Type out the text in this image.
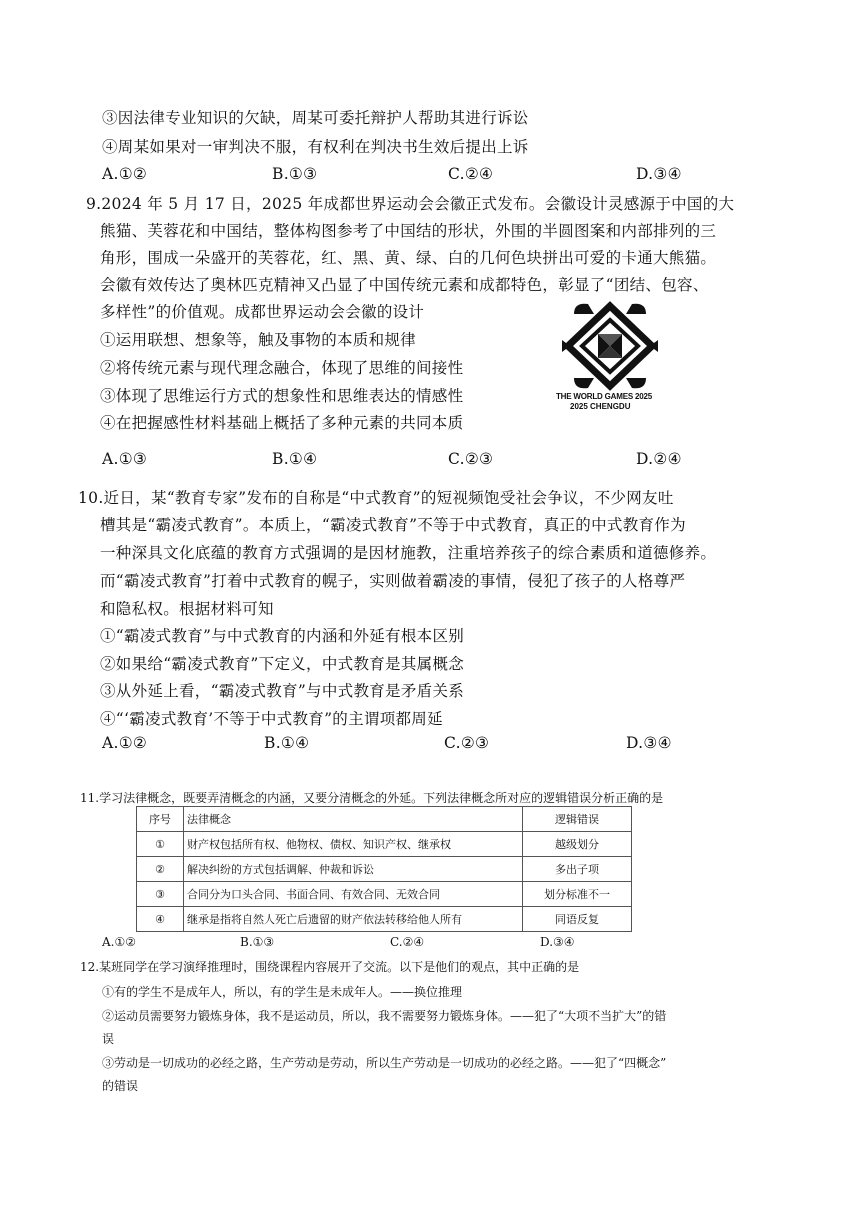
③因法律专业知识的欠缺，周某可委托辩护人帮助其进行诉讼
④周某如果对一审判决不服，有权利在判决书生效后提出上诉
A.①②	B.①③	C.②④	D.③④
9.2024 年 5 月 17 日，2025 年成都世界运动会会徽正式发布。会徽设计灵感源于中国的大
熊猫、芙蓉花和中国结，整体构图参考了中国结的形状，外围的半圆图案和内部排列的三
角形，围成一朵盛开的芙蓉花，红、黑、黄、绿、白的几何色块拼出可爱的卡通大熊猫。
会徽有效传达了奥林匹克精神又凸显了中国传统元素和成都特色，彰显了“团结、包容、
多样性”的价值观。成都世界运动会会徽的设计
①运用联想、想象等，触及事物的本质和规律
②将传统元素与现代理念融合，体现了思维的间接性
③体现了思维运行方式的想象性和思维表达的情感性
④在把握感性材料基础上概括了多种元素的共同本质
THE WORLD GAMES 2025
2025 CHENGDU
A.①③	B.①④	C.②③	D.②④
10.近日，某“教育专家”发布的自称是“中式教育”的短视频饱受社会争议，不少网友吐
槽其是“霸凌式教育”。本质上，“霸凌式教育”不等于中式教育，真正的中式教育作为
一种深具文化底蕴的教育方式强调的是因材施教，注重培养孩子的综合素质和道德修养。
而“霸凌式教育”打着中式教育的幌子，实则做着霸凌的事情，侵犯了孩子的人格尊严
和隐私权。根据材料可知
①“霸凌式教育”与中式教育的内涵和外延有根本区别
②如果给“霸凌式教育”下定义，中式教育是其属概念
③从外延上看，“霸凌式教育”与中式教育是矛盾关系
④“‘霸凌式教育’不等于中式教育”的主谓项都周延
A.①②	B.①④	C.②③	D.③④
11.学习法律概念，既要弄清概念的内涵，又要分清概念的外延。下列法律概念所对应的逻辑错误分析正确的是
序号	法律概念	逻辑错误
①	财产权包括所有权、他物权、债权、知识产权、继承权	越级划分
②	解决纠纷的方式包括调解、仲裁和诉讼	多出子项
③	合同分为口头合同、书面合同、有效合同、无效合同	划分标准不一
④	继承是指将自然人死亡后遗留的财产依法转移给他人所有	同语反复
A.①②	B.①③	C.②④	D.③④
12.某班同学在学习演绎推理时，围绕课程内容展开了交流。以下是他们的观点，其中正确的是
①有的学生不是成年人，所以，有的学生是未成年人。——换位推理
②运动员需要努力锻炼身体，我不是运动员，所以，我不需要努力锻炼身体。——犯了“大项不当扩大”的错
误
③劳动是一切成功的必经之路，生产劳动是劳动，所以生产劳动是一切成功的必经之路。——犯了“四概念”
的错误
